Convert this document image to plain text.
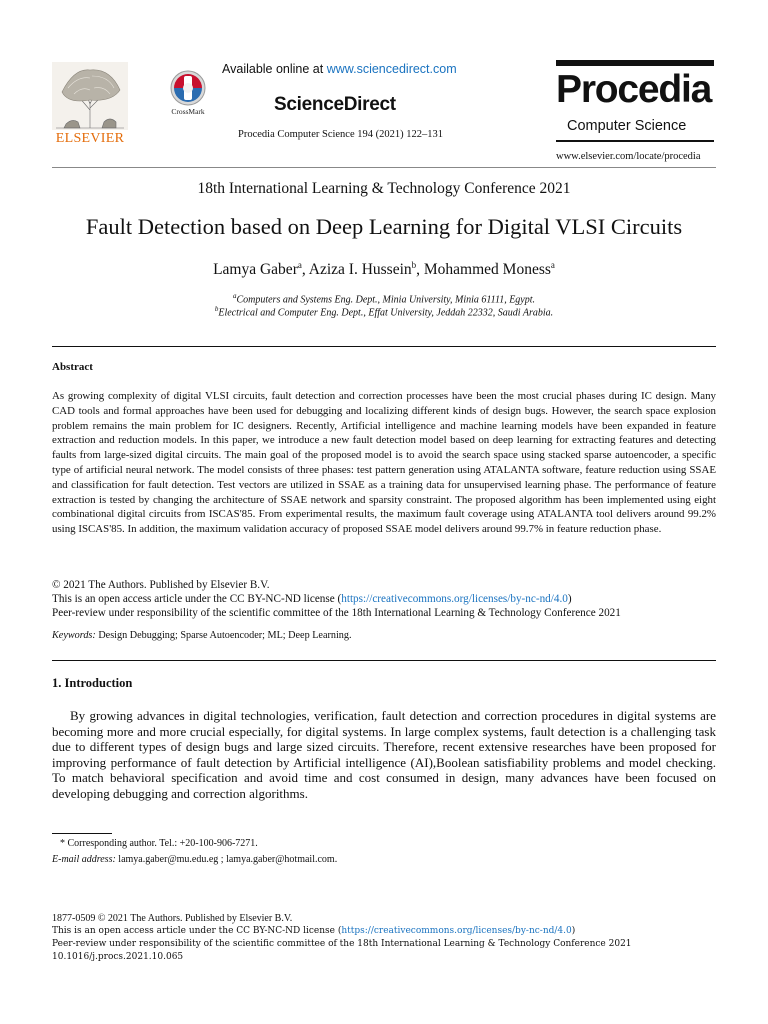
ELSEVIER
CrossMark
Available online at www.sciencedirect.com
ScienceDirect
Procedia Computer Science 194 (2021) 122–131
Procedia
Computer Science
www.elsevier.com/locate/procedia
18th International Learning & Technology Conference 2021
Fault Detection based on Deep Learning for Digital VLSI Circuits
Lamya Gaber$^a$, Aziza I. Hussein$^b$, Mohammed Moness$^a$
$^a$Computers and Systems Eng. Dept., Minia University, Minia 61111, Egypt.
$^b$Electrical and Computer Eng. Dept., Effat University, Jeddah 22332, Saudi Arabia.
Abstract
As growing complexity of digital VLSI circuits, fault detection and correction processes have been the most crucial phases during IC design. Many CAD tools and formal approaches have been used for debugging and localizing different kinds of design bugs. However, the search space explosion problem remains the main problem for IC designers. Recently, Artificial intelligence and machine learning models have been expanded in feature extraction and reduction models. In this paper, we introduce a new fault detection model based on deep learning for extracting features and detecting faults from large-sized digital circuits. The main goal of the proposed model is to avoid the search space using stacked sparse autoencoder, a specific type of artificial neural network. The model consists of three phases: test pattern generation using ATALANTA software, feature reduction using SSAE and classification for fault detection. Test vectors are utilized in SSAE as a training data for unsupervised learning phase. The performance of feature extraction is tested by changing the architecture of SSAE network and sparsity constraint. The proposed algorithm has been implemented using eight combinational digital circuits from ISCAS'85. From experimental results, the maximum fault coverage using ATALANTA tool delivers around 99.2% using ISCAS'85. In addition, the maximum validation accuracy of proposed SSAE model delivers around 99.7% in feature reduction phase.
© 2021 The Authors. Published by Elsevier B.V.
This is an open access article under the CC BY-NC-ND license (https://creativecommons.org/licenses/by-nc-nd/4.0)
Peer-review under responsibility of the scientific committee of the 18th International Learning & Technology Conference 2021
Keywords: Design Debugging; Sparse Autoencoder; ML; Deep Learning.
1. Introduction
By growing advances in digital technologies, verification, fault detection and correction procedures in digital systems are becoming more and more crucial especially, for digital systems. In large complex systems, fault detection is a challenging task due to different types of design bugs and large sized circuits. Therefore, recent extensive researches have been proposed for improving performance of fault detection by Artificial intelligence (AI),Boolean satisfiability problems and model checking. To match behavioral specification and avoid time and cost consumed in design, many advances have been focused on developing debugging and correction algorithms.
* Corresponding author. Tel.: +20-100-906-7271.
E-mail address: lamya.gaber@mu.edu.eg ; lamya.gaber@hotmail.com.
1877-0509 © 2021 The Authors. Published by Elsevier B.V.
This is an open access article under the CC BY-NC-ND license (https://creativecommons.org/licenses/by-nc-nd/4.0)
Peer-review under responsibility of the scientific committee of the 18th International Learning & Technology Conference 2021
10.1016/j.procs.2021.10.065
